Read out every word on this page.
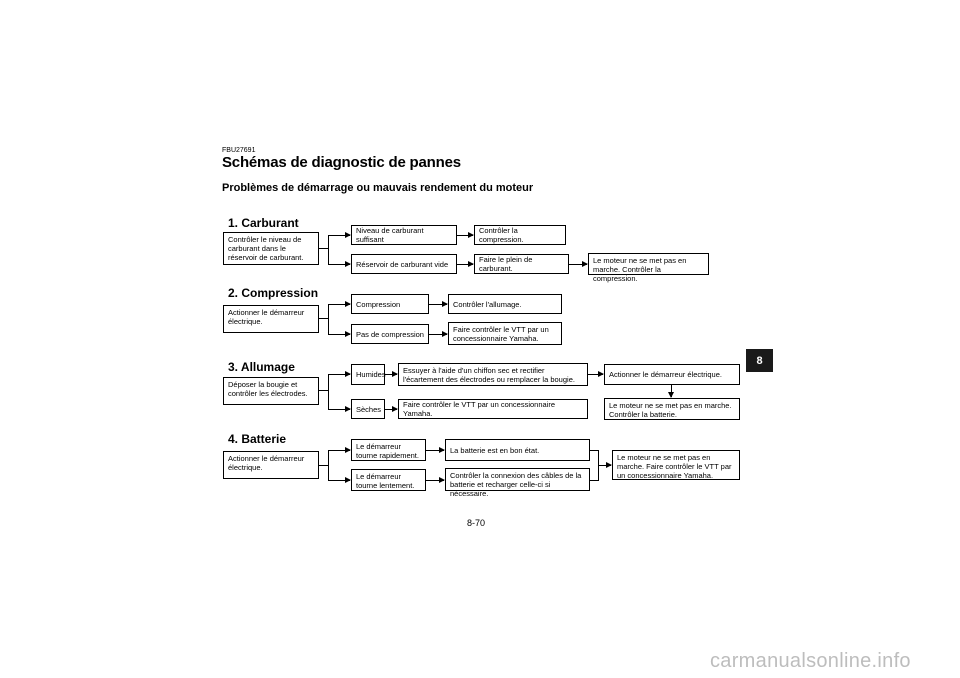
FBU27691
Schémas de diagnostic de pannes
Problèmes de démarrage ou mauvais rendement du moteur
1. Carburant
Contrôler le niveau de carburant dans le réservoir de carburant.
Niveau de carburant suffisant
Contrôler la compression.
Réservoir de carburant vide	Faire le plein de carburant.
Le moteur ne se met pas en marche. Contrôler la compression.
2. Compression
Actionner le démarreur électrique.
Compression	Contrôler l'allumage.
Pas de compression	Faire contrôler le VTT par un concessionnaire Yamaha.
3. Allumage
Déposer la bougie et contrôler les électrodes.
Humides	Essuyer à l'aide d'un chiffon sec et rectifier l'écartement des électrodes ou remplacer la bougie.
Actionner le démarreur électrique.
Le moteur ne se met pas en marche. Contrôler la batterie.
Sèches	Faire contrôler le VTT par un concessionnaire Yamaha.
4. Batterie
Actionner le démarreur électrique.
Le démarreur tourne rapidement.
La batterie est en bon état.
Le démarreur tourne lentement.
Contrôler la connexion des câbles de la batterie et recharger celle-ci si nécessaire.
Le moteur ne se met pas en marche. Faire contrôler le VTT par un concessionnaire Yamaha.
8
8-70
carmanualsonline.info
